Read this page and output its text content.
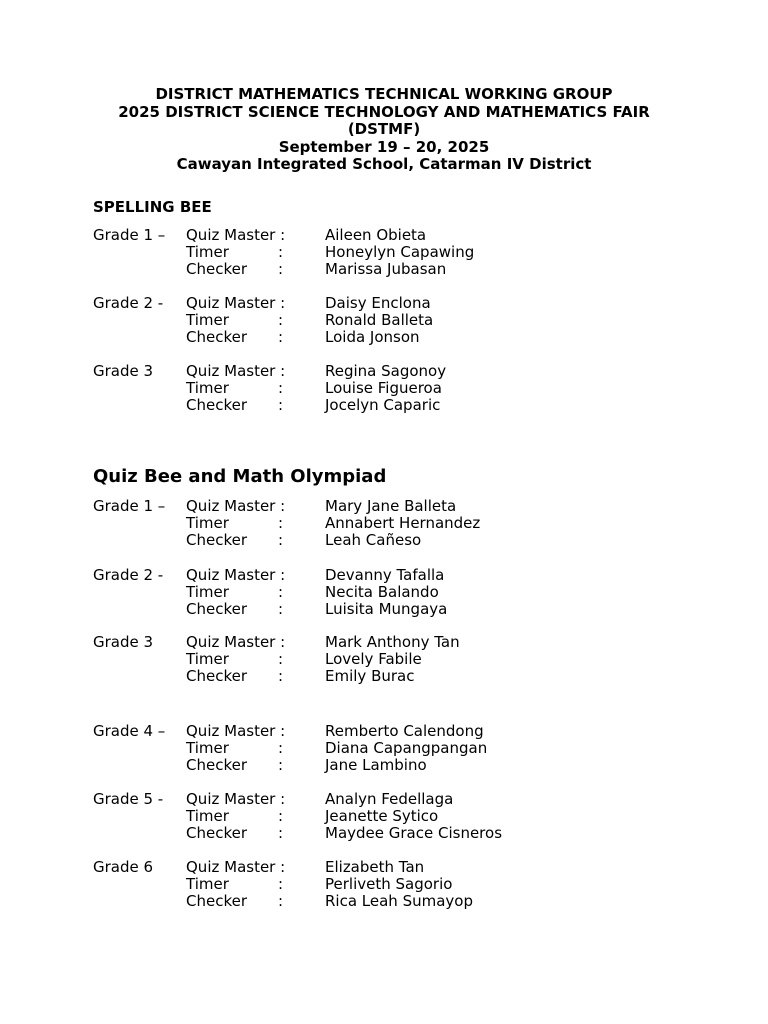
DISTRICT MATHEMATICS TECHNICAL WORKING GROUP
2025 DISTRICT SCIENCE TECHNOLOGY AND MATHEMATICS FAIR
(DSTMF)
September 19 – 20, 2025
Cawayan Integrated School, Catarman IV District
SPELLING BEE
Grade 1 – Quiz Master :	Aileen Obieta
Timer	:	Honeylyn Capawing
Checker :	Marissa Jubasan
Grade 2 - Quiz Master :	Daisy Enclona
Timer	:	Ronald Balleta
Checker :	Loida Jonson
Grade 3 Quiz Master :	Regina Sagonoy
Timer	:	Louise Figueroa
Checker :	Jocelyn Caparic
Quiz Bee and Math Olympiad
Grade 1 – Quiz Master :	Mary Jane Balleta
Timer	:	Annabert Hernandez
Checker :	Leah Cañeso
Grade 2 - Quiz Master :	Devanny Tafalla
Timer	:	Necita Balando
Checker :	Luisita Mungaya
Grade 3 Quiz Master :	Mark Anthony Tan
Timer	:	Lovely Fabile
Checker :	Emily Burac
Grade 4 – Quiz Master :	Remberto Calendong
Timer	:	Diana Capangpangan
Checker :	Jane Lambino
Grade 5 - Quiz Master :	Analyn Fedellaga
Timer	:	Jeanette Sytico
Checker :	Maydee Grace Cisneros
Grade 6 Quiz Master :	Elizabeth Tan
Timer	:	Perliveth Sagorio
Checker :	Rica Leah Sumayop
